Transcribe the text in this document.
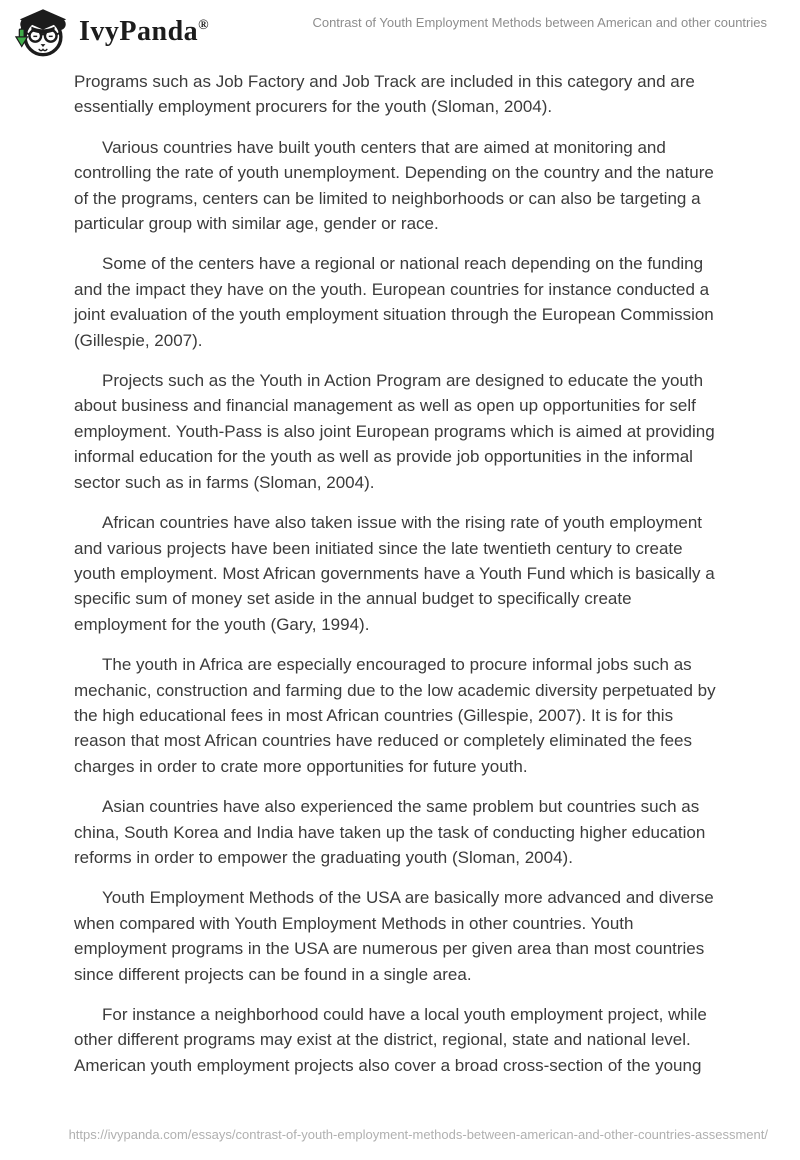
IvyPanda®	Contrast of Youth Employment Methods between American and other countries

Programs such as Job Factory and Job Track are included in this category and are essentially employment procurers for the youth (Sloman, 2004).

Various countries have built youth centers that are aimed at monitoring and controlling the rate of youth unemployment. Depending on the country and the nature of the programs, centers can be limited to neighborhoods or can also be targeting a particular group with similar age, gender or race.

Some of the centers have a regional or national reach depending on the funding and the impact they have on the youth. European countries for instance conducted a joint evaluation of the youth employment situation through the European Commission (Gillespie, 2007).

Projects such as the Youth in Action Program are designed to educate the youth about business and financial management as well as open up opportunities for self employment. Youth-Pass is also joint European programs which is aimed at providing informal education for the youth as well as provide job opportunities in the informal sector such as in farms (Sloman, 2004).

African countries have also taken issue with the rising rate of youth employment and various projects have been initiated since the late twentieth century to create youth employment. Most African governments have a Youth Fund which is basically a specific sum of money set aside in the annual budget to specifically create employment for the youth (Gary, 1994).

The youth in Africa are especially encouraged to procure informal jobs such as mechanic, construction and farming due to the low academic diversity perpetuated by the high educational fees in most African countries (Gillespie, 2007). It is for this reason that most African countries have reduced or completely eliminated the fees charges in order to crate more opportunities for future youth.

Asian countries have also experienced the same problem but countries such as china, South Korea and India have taken up the task of conducting higher education reforms in order to empower the graduating youth (Sloman, 2004).

Youth Employment Methods of the USA are basically more advanced and diverse when compared with Youth Employment Methods in other countries. Youth employment programs in the USA are numerous per given area than most countries since different projects can be found in a single area.

For instance a neighborhood could have a local youth employment project, while other different programs may exist at the district, regional, state and national level. American youth employment projects also cover a broad cross-section of the young

https://ivypanda.com/essays/contrast-of-youth-employment-methods-between-american-and-other-countries-assessment/
